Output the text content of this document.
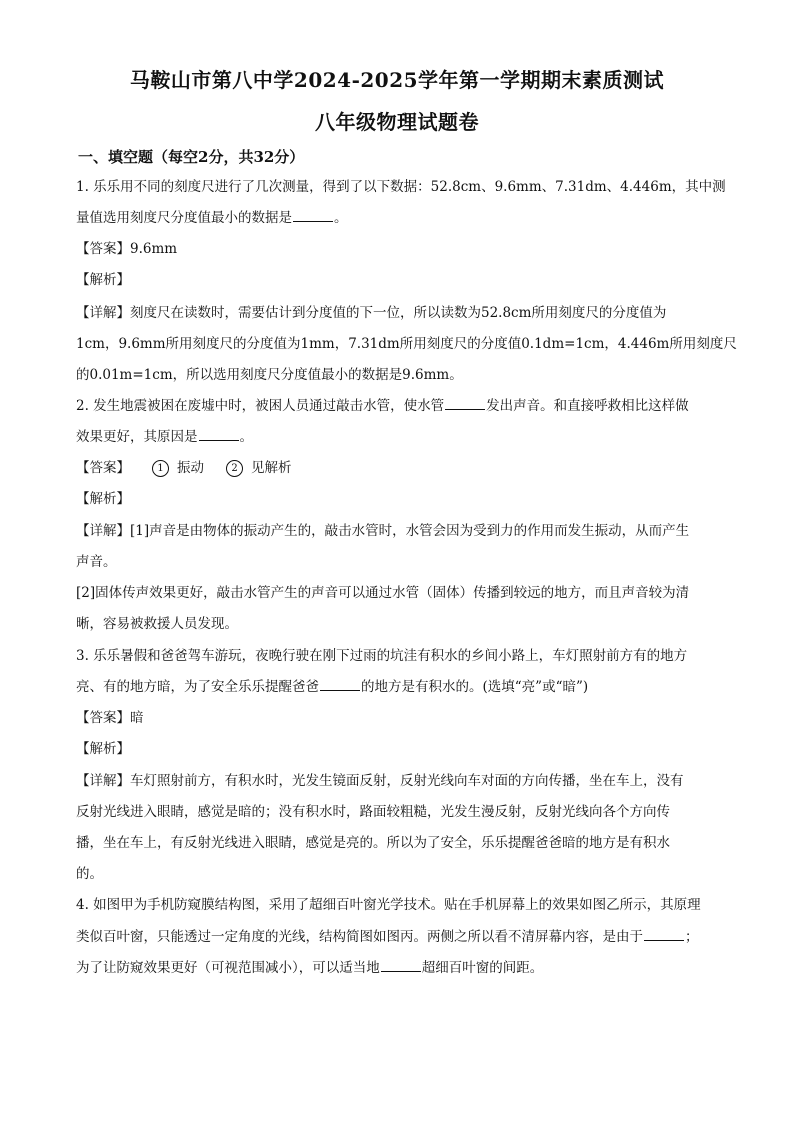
马鞍山市第八中学2024-2025学年第一学期期末素质测试
八年级物理试题卷
一、填空题（每空2分，共32分）
1. 乐乐用不同的刻度尺进行了几次测量，得到了以下数据：52.8cm、9.6mm、7.31dm、4.446m，其中测
量值选用刻度尺分度值最小的数据是	。
【答案】9.6mm
【解析】
【详解】刻度尺在读数时，需要估计到分度值的下一位，所以读数为52.8cm所用刻度尺的分度值为
1cm，9.6mm所用刻度尺的分度值为1mm，7.31dm所用刻度尺的分度值0.1dm=1cm，4.446m所用刻度尺
的0.01m=1cm，所以选用刻度尺分度值最小的数据是9.6mm。
2. 发生地震被困在废墟中时，被困人员通过敲击水管，使水管	发出声音。和直接呼救相比这样做
效果更好，其原因是	。
【答案】	1 振动	2 见解析
【解析】
【详解】[1]声音是由物体的振动产生的，敲击水管时，水管会因为受到力的作用而发生振动，从而产生
声音。
[2]固体传声效果更好，敲击水管产生的声音可以通过水管（固体）传播到较远的地方，而且声音较为清
晰，容易被救援人员发现。
3. 乐乐暑假和爸爸驾车游玩，夜晚行驶在刚下过雨的坑洼有积水的乡间小路上，车灯照射前方有的地方
亮、有的地方暗，为了安全乐乐提醒爸爸	的地方是有积水的。(选填“亮”或“暗”)
【答案】暗
【解析】
【详解】车灯照射前方，有积水时，光发生镜面反射，反射光线向车对面的方向传播，坐在车上，没有
反射光线进入眼睛，感觉是暗的；没有积水时，路面较粗糙，光发生漫反射，反射光线向各个方向传
播，坐在车上，有反射光线进入眼睛，感觉是亮的。所以为了安全，乐乐提醒爸爸暗的地方是有积水
的。
4. 如图甲为手机防窥膜结构图，采用了超细百叶窗光学技术。贴在手机屏幕上的效果如图乙所示，其原理
类似百叶窗，只能透过一定角度的光线，结构简图如图丙。两侧之所以看不清屏幕内容，是由于	；
为了让防窥效果更好（可视范围减小），可以适当地	超细百叶窗的间距。
